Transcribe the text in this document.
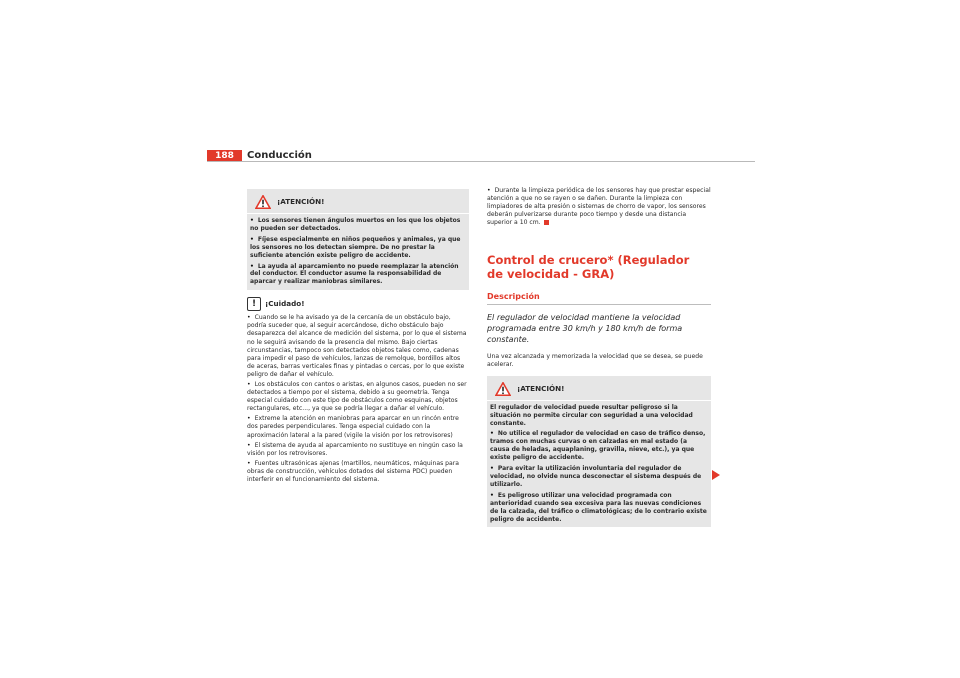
188	Conducción
¡ATENCIÓN!
• Los sensores tienen ángulos muertos en los que los objetos no pueden ser detectados.
• Fíjese especialmente en niños pequeños y animales, ya que los sensores no los detectan siempre. De no prestar la suficiente atención existe peligro de accidente.
• La ayuda al aparcamiento no puede reemplazar la atención del conductor. El conductor asume la responsabilidad de aparcar y realizar maniobras similares.
!	¡Cuidado!

• Cuando se le ha avisado ya de la cercanía de un obstáculo bajo, podría suceder que, al seguir acercándose, dicho obstáculo bajo desaparezca del alcance de medición del sistema, por lo que el sistema no le seguirá avisando de la presencia del mismo. Bajo ciertas circunstancias, tampoco son detectados objetos tales como, cadenas para impedir el paso de vehículos, lanzas de remolque, bordillos altos de aceras, barras verticales finas y pintadas o cercas, por lo que existe peligro de dañar el vehículo.

• Los obstáculos con cantos o aristas, en algunos casos, pueden no ser detectados a tiempo por el sistema, debido a su geometría. Tenga especial cuidado con este tipo de obstáculos como esquinas, objetos rectangulares, etc..., ya que se podría llegar a dañar el vehículo.

• Extreme la atención en maniobras para aparcar en un rincón entre dos paredes perpendiculares. Tenga especial cuidado con la aproximación lateral a la pared (vigile la visión por los retrovisores)

• El sistema de ayuda al aparcamiento no sustituye en ningún caso la visión por los retrovisores.

• Fuentes ultrasónicas ajenas (martillos, neumáticos, máquinas para obras de construcción, vehículos dotados del sistema PDC) pueden interferir en el funcionamiento del sistema.

• Durante la limpieza periódica de los sensores hay que prestar especial atención a que no se rayen o se dañen. Durante la limpieza con limpiadores de alta presión o sistemas de chorro de vapor, los sensores deberán pulverizarse durante poco tiempo y desde una distancia superior a 10 cm.

Control de crucero* (Regulador
de velocidad - GRA)
Descripción
El regulador de velocidad mantiene la velocidad programada entre 30 km/h y 180 km/h de forma constante.

Una vez alcanzada y memorizada la velocidad que se desea, se puede acelerar.

¡ATENCIÓN!
El regulador de velocidad puede resultar peligroso si la situación no permite circular con seguridad a una velocidad constante.
• No utilice el regulador de velocidad en caso de tráfico denso, tramos con muchas curvas o en calzadas en mal estado (a causa de heladas, aquaplaning, gravilla, nieve, etc.), ya que existe peligro de accidente.
• Para evitar la utilización involuntaria del regulador de velocidad, no olvide nunca desconectar el sistema después de utilizarlo.
• Es peligroso utilizar una velocidad programada con anterioridad cuando sea excesiva para las nuevas condiciones de la calzada, del tráfico o climatológicas; de lo contrario existe peligro de accidente.
